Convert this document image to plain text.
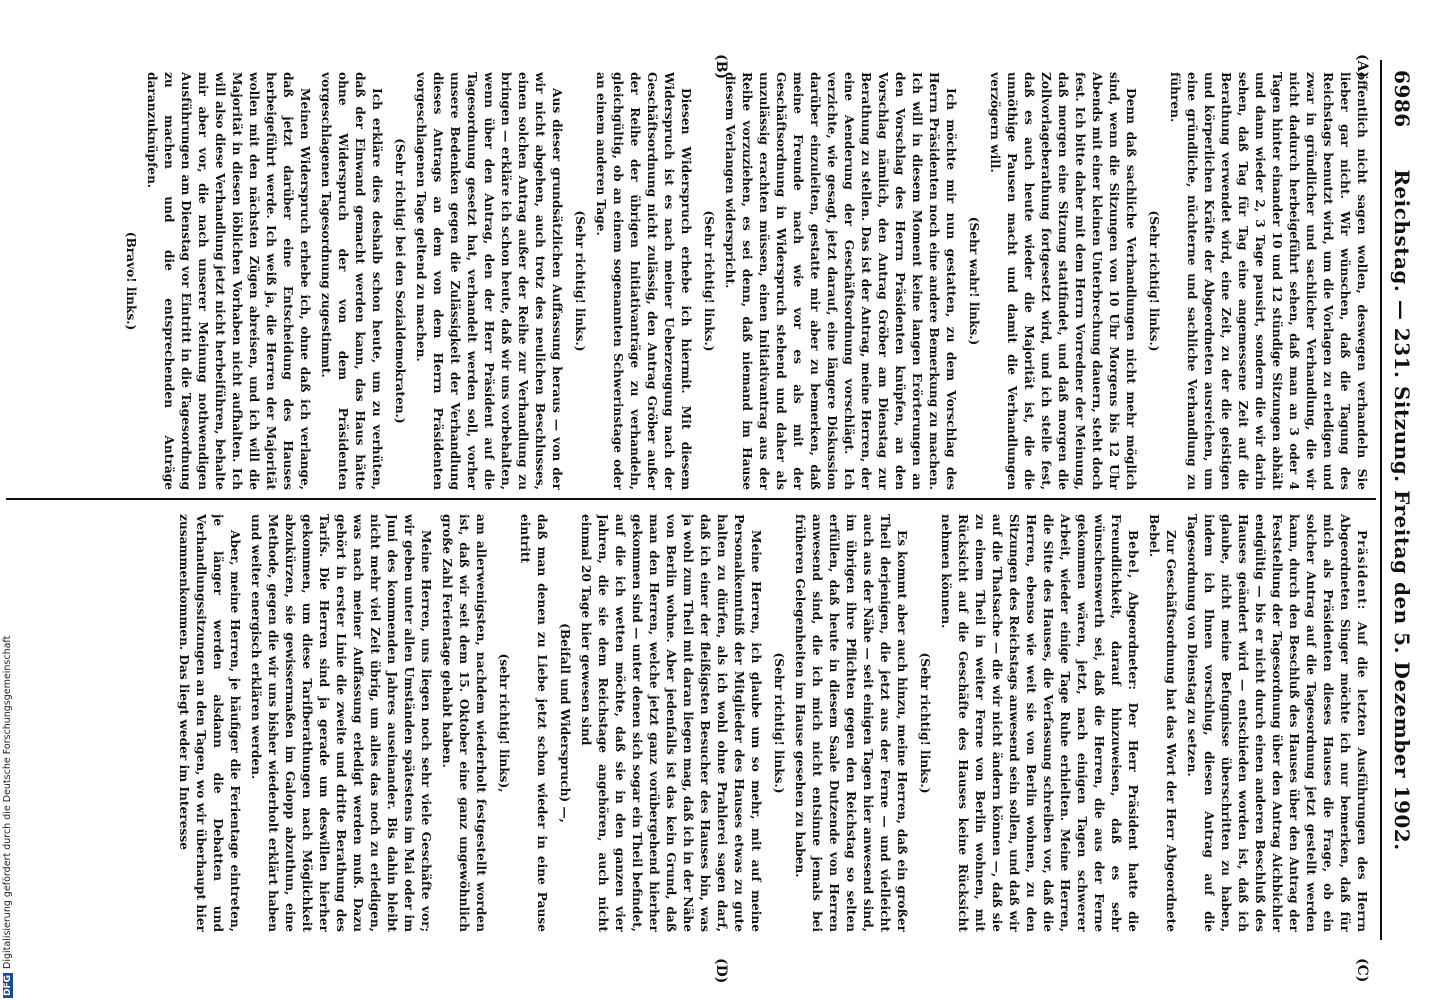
6986
Reichstag. — 231. Sitzung. Freitag den 5. Dezember 1902.
(A)
(B)
(C)
(D)

öffentlich nicht sagen wollen, deswegen verhandeln Sie lieber gar nicht. Wir wünschen, daß die Tagung des Reichstags benutzt wird, um die Vorlagen zu erledigen und zwar in gründlicher und sachlicher Verhandlung, die wir nicht dadurch herbeigeführt sehen, daß man an 3 oder 4 Tagen hinter einander 10 und 12 stündige Sitzungen abhält und dann wieder 2, 3 Tage pausirt, sondern die wir darin sehen, daß Tag für Tag eine angemessene Zeit auf die Berathung verwendet wird, eine Zeit, zu der die geistigen und körperlichen Kräfte der Abgeordneten ausreichen, um eine gründliche, nüchterne und sachliche Verhandlung zu führen.

(Sehr richtig! links.)

Denn daß sachliche Verhandlungen nicht mehr möglich sind, wenn die Sitzungen von 10 Uhr Morgens bis 12 Uhr Abends mit einer kleinen Unterbrechung dauern, steht doch fest. Ich bitte daher mit dem Herrn Vorredner der Meinung, daß morgen eine Sitzung stattfindet, und daß morgen die Zollvorlageberathung fortgesetzt wird, und ich stelle fest, daß es auch heute wieder die Majorität ist, die die unnöthige Pausen macht und damit die Verhandlungen verzögern will.

(Sehr wahr! links.)

Ich möchte mir nun gestatten, zu dem Vorschlag des Herrn Präsidenten noch eine andere Bemerkung zu machen. Ich will in diesem Moment keine langen Erörterungen an den Vorschlag des Herrn Präsidenten knüpfen, an den Vorschlag nämlich, den Antrag Gröber am Dienstag zur Berathung zu stellen. Das ist der Antrag, meine Herren, der eine Aenderung der Geschäftsordnung vorschlägt. Ich verzichte, wie gesagt, jetzt darauf, eine längere Diskussion darüber einzuleiten, gestatte mir aber zu bemerken, daß meine Freunde nach wie vor es als mit der Geschäftsordnung in Widerspruch stehend und daher als unzulässig erachten müssen, einen Initiativantrag aus der Reihe vorzuziehen, es sei denn, daß niemand im Hause diesem Verlangen widerspricht.

(Sehr richtig! links.)

Diesen Widerspruch erhebe ich hiermit. Mit diesem Widerspruch ist es nach meiner Ueberzeugung nach der Geschäftsordnung nicht zulässig, den Antrag Gröber außer der Reihe der übrigen Initiativanträge zu verhandeln, gleichgültig, ob an einem sogenannten Schwerinstage oder an einem anderen Tage.

(Sehr richtig! links.)

Aus dieser grundsätzlichen Auffassung heraus — von der wir nicht abgehen, auch trotz des neulichen Beschlusses, einen solchen Antrag außer der Reihe zur Verhandlung zu bringen — erkläre ich schon heute, daß wir uns vorbehalten, wenn über den Antrag, den der Herr Präsident auf die Tagesordnung gesetzt hat, verhandelt werden soll, vorher unsere Bedenken gegen die Zulässigkeit der Verhandlung dieses Antrags an dem von dem Herrn Präsidenten vorgeschlagenen Tage geltend zu machen.

(Sehr richtig! bei den Sozialdemokraten.)

Ich erkläre dies deshalb schon heute, um zu verhüten, daß der Einwand gemacht werden kann, das Haus hätte ohne Widerspruch der von dem Präsidenten vorgeschlagenen Tagesordnung zugestimmt.

Meinen Widerspruch erhebe ich, ohne daß ich verlange, daß jetzt darüber eine Entscheidung des Hauses herbeigeführt werde. Ich weiß ja, die Herren der Majorität wollen mit den nächsten Zügen abreisen, und ich will die Majorität in diesen löblichen Vorhaben nicht aufhalten. Ich will also diese Verhandlung jetzt nicht herbeiführen, behalte mir aber vor, die nach unserer Meinung nothwendigen Ausführungen am Dienstag vor Eintritt in die Tagesordnung zu machen und die entsprechenden Anträge daranzuknüpfen.

(Bravo! links.)

Präsident: Auf die letzten Ausführungen des Herrn Abgeordneten Singer möchte ich nur bemerken, daß für mich als Präsidenten dieses Hauses die Frage, ob ein solcher Antrag auf die Tagesordnung jetzt gestellt werden kann, durch den Beschluß des Hauses über den Antrag der Feststellung der Tagesordnung über den Antrag Aichbichler endgültig — bis er nicht durch einen anderen Beschluß des Hauses geändert wird — entschieden worden ist, daß ich glaube, nicht meine Befugnisse überschritten zu haben, indem ich Ihnen vorschlug, diesen Antrag auf die Tagesordnung von Dienstag zu setzen.

Zur Geschäftsordnung hat das Wort der Herr Abgeordnete Bebel.

Bebel, Abgeordneter: Der Herr Präsident hatte die Freundlichkeit, darauf hinzuweisen, daß es sehr wünschenswerth sei, daß die Herren, die aus der Ferne gekommen wären, jetzt, nach einigen Tagen schwerer Arbeit, wieder einige Tage Ruhe erhielten. Meine Herren, die Sitte des Hauses, die Verfassung schreiben vor, daß die Herren, ebenso wie weit sie von Berlin wohnen, zu den Sitzungen des Reichstags anwesend sein sollen, und daß wir auf die Thatsache — die wir nicht ändern können —, daß sie zu einem Theil in weiter Ferne von Berlin wohnen, mit Rücksicht auf die Geschäfte des Hauses keine Rücksicht nehmen können.

(Sehr richtig! links.)

Es kommt aber auch hinzu, meine Herren, daß ein großer Theil derjenigen, die jetzt aus der Ferne — und vielleicht auch aus der Nähe — seit einigen Tagen hier anwesend sind, im übrigen ihre Pflichten gegen den Reichstag so selten erfüllen, daß heute in diesem Saale Dutzende von Herren anwesend sind, die ich mich nicht entsinne jemals bei früheren Gelegenheiten im Hause gesehen zu haben.

(Sehr richtig! links.)

Meine Herren, ich glaube um so mehr, mit auf meine Personalkenntniß der Mitglieder des Hauses etwas zu gute halten zu dürfen, als ich wohl ohne Prahlerei sagen darf, daß ich einer der fleißigsten Besucher des Hauses bin, was ja wohl zum Theil mit daran liegen mag, daß ich in der Nähe von Berlin wohne. Aber jedenfalls ist das kein Grund, daß man den Herren, welche jetzt ganz vorübergehend hierher gekommen sind — unter denen sich sogar ein Theil befindet, auf die ich wetten möchte, daß sie in den ganzen vier Jahren, die sie dem Reichstage angehören, auch nicht einmal 20 Tage hier gewesen sind

(Beifall und Widerspruch) —,

daß man denen zu Liebe jetzt schon wieder in eine Pause eintritt

(sehr richtig! links),

am allerwenigsten, nachdem wiederholt festgestellt worden ist, daß wir seit dem 15. Oktober eine ganz ungewöhnlich große Zahl Ferientage gehabt haben.

Meine Herren, uns liegen noch sehr viele Geschäfte vor; wir geben unter allen Umständen spätestens im Mai oder im Juni des kommenden Jahres auseinander. Bis dahin bleibt nicht mehr viel Zeit übrig, um alles das noch zu erledigen, was nach meiner Auffassung erledigt werden muß. Dazu gehört in erster Linie die zweite und dritte Berathung des Tarifs. Die Herren sind ja gerade um deswillen hierher gekommen, um diese Tarifberathungen nach Möglichkeit abzukürzen, sie gewissermaßen im Galopp abzuthun, eine Methode, gegen die wir uns bisher wiederholt erklärt haben und weiter energisch erklären werden.

Aber, meine Herren, je häufiger die Ferientage eintreten, je länger werden alsdann die Debatten und Verhandlungssitzungen an den Tagen, wo wir überhaupt hier zusammenkommen. Das liegt weder im Interesse

DFGDigitalisierung gefördert durch die Deutsche Forschungsgemeinschaft
